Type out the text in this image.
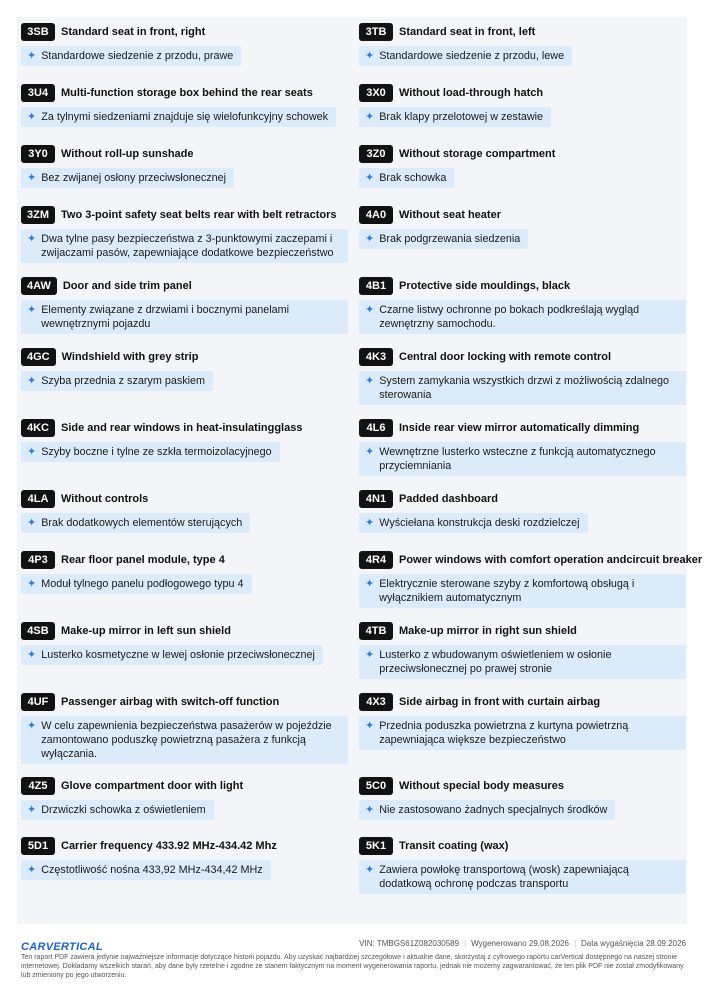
3SB	Standard seat in front, right
✦ Standardowe siedzenie z przodu, prawe
3TB	Standard seat in front, left
✦ Standardowe siedzenie z przodu, lewe
3U4	Multi-function storage box behind the rear seats
✦ Za tylnymi siedzeniami znajduje się wielofunkcyjny schowek
3X0	Without load-through hatch
✦ Brak klapy przelotowej w zestawie
3Y0	Without roll-up sunshade
✦ Bez zwijanej osłony przeciwsłonecznej
3Z0	Without storage compartment
✦ Brak schowka
3ZM	Two 3-point safety seat belts rear with belt retractors
✦ Dwa tylne pasy bezpieczeństwa z 3-punktowymi zaczepami i zwijaczami pasów, zapewniające dodatkowe bezpieczeństwo
4A0	Without seat heater
✦ Brak podgrzewania siedzenia
4AW	Door and side trim panel
✦ Elementy związane z drzwiami i bocznymi panelami wewnętrznymi pojazdu
4B1	Protective side mouldings, black
✦ Czarne listwy ochronne po bokach podkreślają wygląd zewnętrzny samochodu.
4GC	Windshield with grey strip
✦ Szyba przednia z szarym paskiem
4K3	Central door locking with remote control
✦ System zamykania wszystkich drzwi z możliwością zdalnego sterowania
4KC	Side and rear windows in heat-insulatingglass
✦ Szyby boczne i tylne ze szkła termoizolacyjnego
4L6	Inside rear view mirror automatically dimming
✦ Wewnętrzne lusterko wsteczne z funkcją automatycznego przyciemniania
4LA	Without controls
✦ Brak dodatkowych elementów sterujących
4N1	Padded dashboard
✦ Wyściełana konstrukcja deski rozdzielczej
4P3	Rear floor panel module, type 4
✦ Moduł tylnego panelu podłogowego typu 4
4R4	Power windows with comfort operation andcircuit breaker
✦ Elektrycznie sterowane szyby z komfortową obsługą i wyłącznikiem automatycznym
4SB	Make-up mirror in left sun shield
✦ Lusterko kosmetyczne w lewej osłonie przeciwsłonecznej
4TB	Make-up mirror in right sun shield
✦ Lusterko z wbudowanym oświetleniem w osłonie przeciwsłonecznej po prawej stronie
4UF	Passenger airbag with switch-off function
✦ W celu zapewnienia bezpieczeństwa pasażerów w pojeździe zamontowano poduszkę powietrzną pasażera z funkcją wyłączania.
4X3	Side airbag in front with curtain airbag
✦ Przednia poduszka powietrzna z kurtyna powietrzną zapewniająca większe bezpieczeństwo
4Z5	Glove compartment door with light
✦ Drzwiczki schowka z oświetleniem
5C0	Without special body measures
✦ Nie zastosowano żadnych specjalnych środków
5D1	Carrier frequency 433.92 MHz-434.42 Mhz
✦ Częstotliwość nośna 433,92 MHz-434,42 MHz
5K1	Transit coating (wax)
✦ Zawiera powłokę transportową (wosk) zapewniającą dodatkową ochronę podczas transportu
CARVERTICAL	VIN: TMBGS61Z082030589 | Wygenerowano 29.08.2026 | Data wygaśnięcia 28.09.2026
Ten raport PDF zawiera jedynie najważniejsze informacje dotyczące historii pojazdu. Aby uzyskać najbardziej szczegółowe i aktualne dane, skorzystaj z cyfrowego raportu carVertical dostępnego na naszej stronie internetowej. Dokładamy wszelkich starań, aby dane były rzetelne i zgodne ze stanem faktycznym na moment wygenerowania raportu, jednak nie możemy zagwarantować, że ten plik PDF nie został zmodyfikowany lub zmieniony po jego utworzeniu.
